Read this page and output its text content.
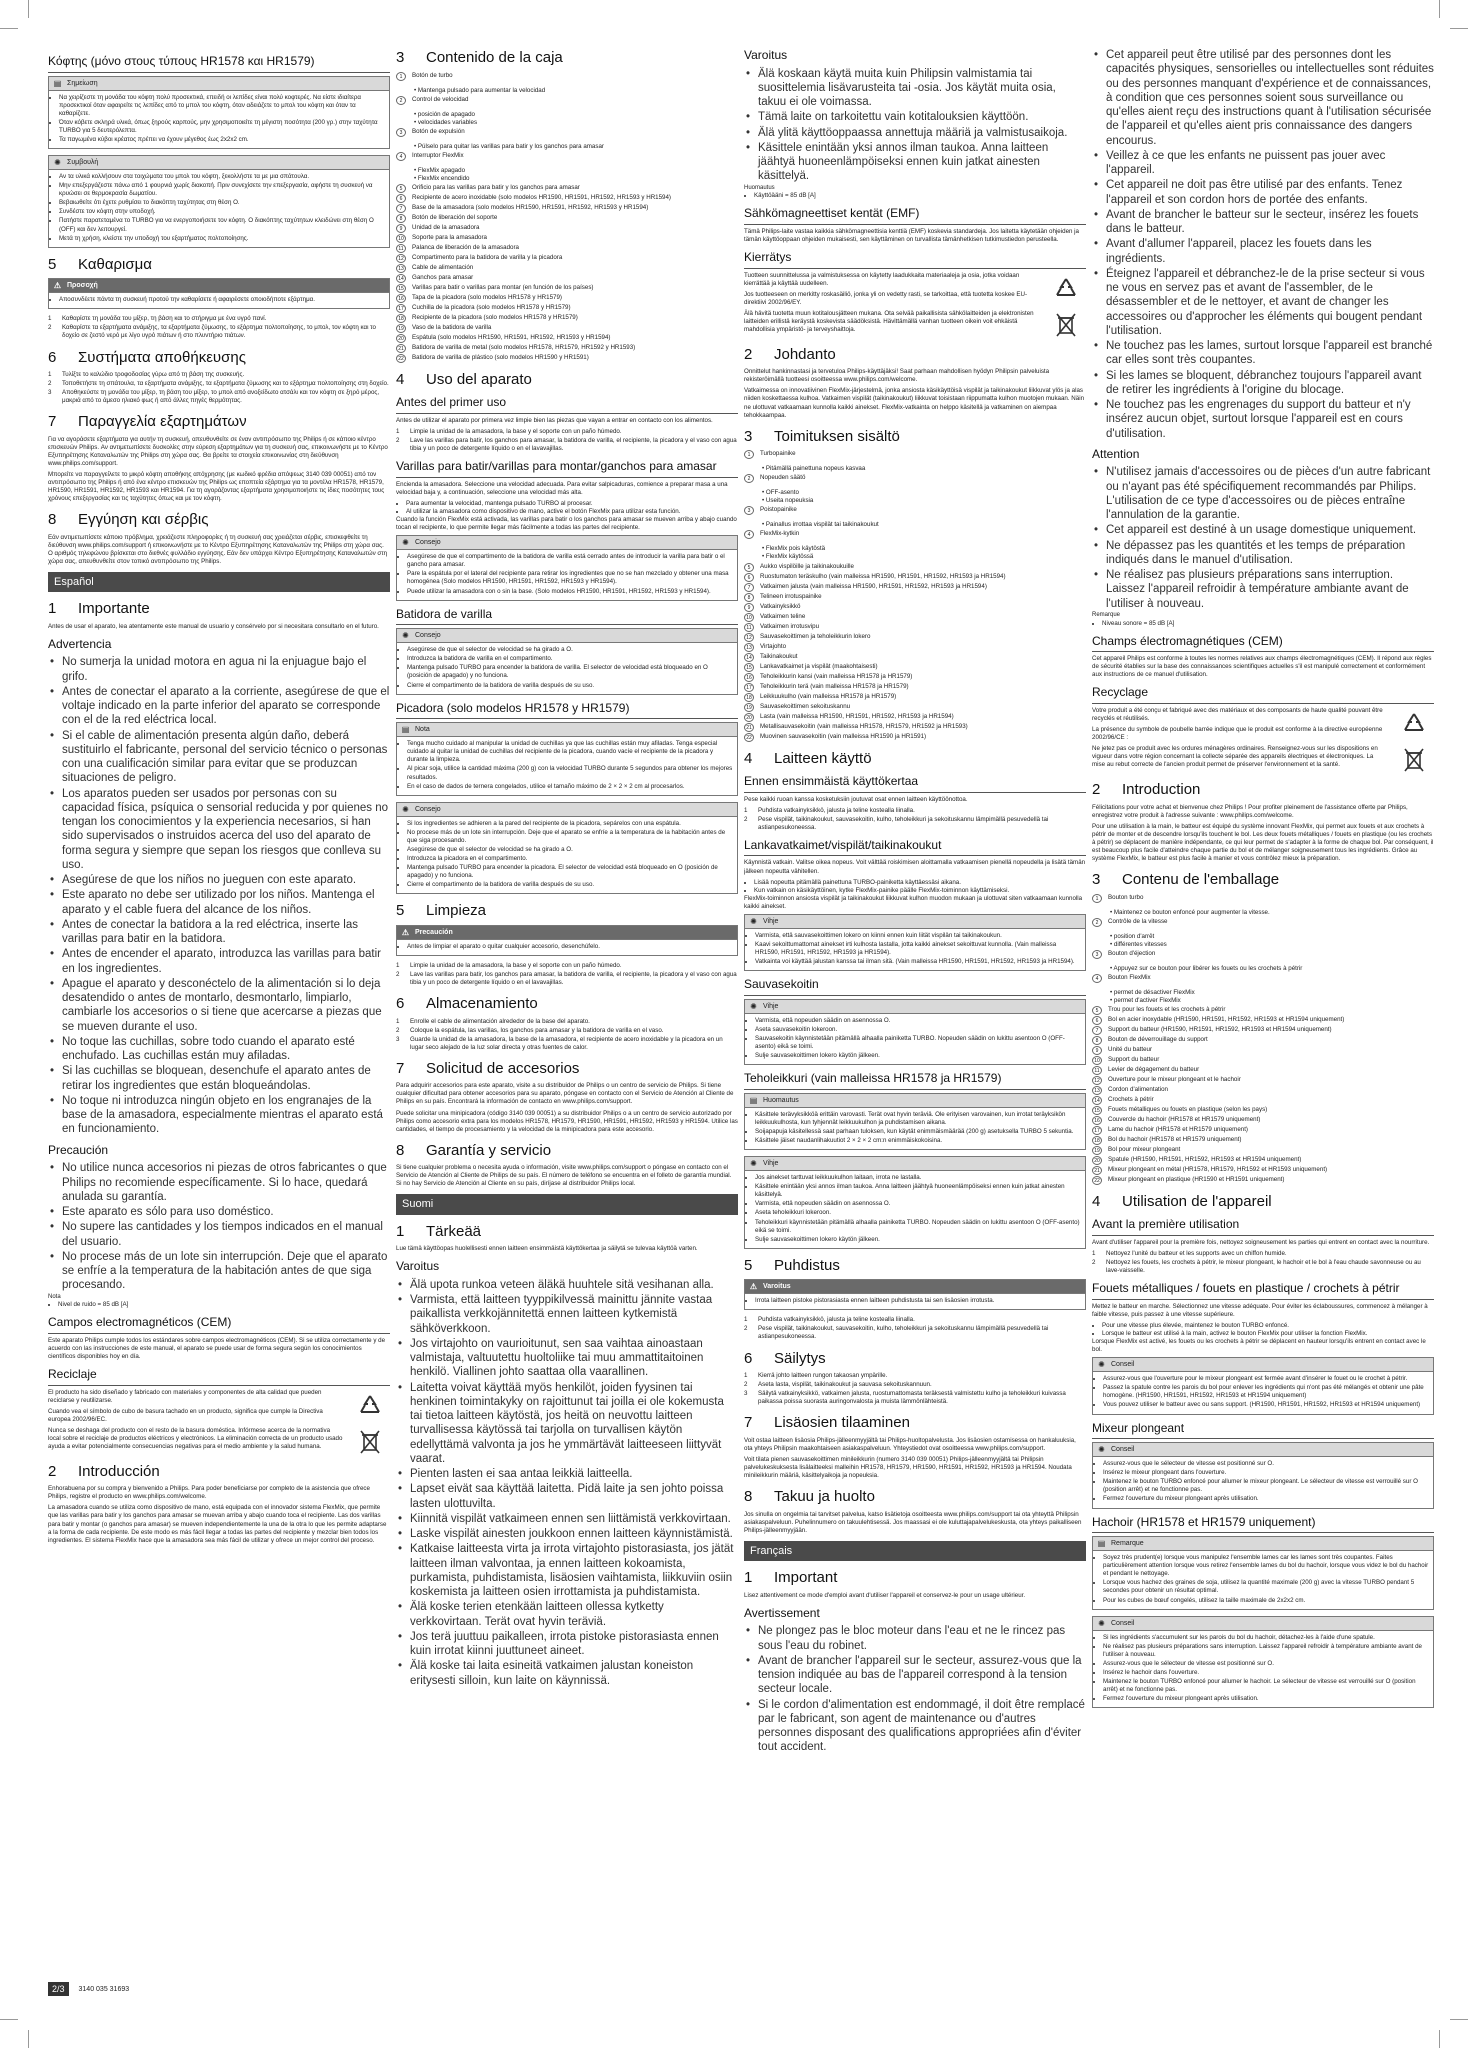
Κόφτης (μόνο στους τύπους HR1578 και HR1579)
▤ Σημείωση
• Να χειρίζεστε τη μονάδα του κόφτη πολύ προσεκτικά, επειδή οι λεπίδες είναι πολύ κοφτερές. Να είστε ιδιαίτερα προσεκτικοί όταν αφαιρείτε τις λεπίδες από το μπολ του κόφτη, όταν αδειάζετε το μπολ του κόφτη και όταν τα καθαρίζετε.
• Όταν κόβετε σκληρά υλικά, όπως ξηρούς καρπούς, μην χρησιμοποιείτε τη μέγιστη ποσότητα (200 γρ.) στην ταχύτητα TURBO για 5 δευτερόλεπτα.
• Τα παγωμένα κύβοι κρέατος πρέπει να έχουν μέγεθος έως 2x2x2 cm.
✺ Συμβουλή
• Αν τα υλικά κολλήσουν στα τοιχώματα του μπολ του κόφτη, ξεκολλήστε τα με μια σπάτουλα.
• Μην επεξεργάζεστε πάνω από 1 φουρνιά χωρίς διακοπή. Πριν συνεχίσετε την επεξεργασία, αφήστε τη συσκευή να κρυώσει σε θερμοκρασία δωματίου.
• Βεβαιωθείτε ότι έχετε ρυθμίσει το διακόπτη ταχύτητας στη θέση O.
• Συνδέστε τον κόφτη στην υποδοχή.
• Πατήστε παρατεταμένα το TURBO για να ενεργοποιήσετε τον κόφτη. Ο διακόπτης ταχύτητων κλειδώνει στη θέση O (OFF) και δεν λειτουργεί.
• Μετά τη χρήση, κλείστε την υποδοχή του εξαρτήματος πολτοποίησης.
5	Καθαρισμα
⚠ Προσοχή
• Αποσυνδέετε πάντα τη συσκευή προτού την καθαρίσετε ή αφαιρέσετε οποιοδήποτε εξάρτημα.
1	Καθαρίστε τη μονάδα του μίξερ, τη βάση και το στήριγμα με ένα υγρό πανί.
2	Καθαρίστε τα εξαρτήματα ανάμιξης, τα εξαρτήματα ζύμωσης, το εξάρτημα πολτοποίησης, το μπολ, τον κόφτη και το δοχείο σε ζεστό νερό με λίγο υγρό πιάτων ή στο πλυντήριο πιάτων.
6	Συστήματα αποθήκευσης
1	Τυλίξτε το καλώδιο τροφοδοσίας γύρω από τη βάση της συσκευής.
2	Τοποθετήστε τη σπάτουλα, τα εξαρτήματα ανάμιξης, τα εξαρτήματα ζύμωσης και το εξάρτημα πολτοποίησης στη δοχείο.
3	Αποθηκεύστε τη μονάδα του μίξερ, τη βάση του μίξερ, το μπολ από ανοξείδωτο ατσάλι και τον κόφτη σε ξηρό μέρος, μακριά από το άμεσο ηλιακό φως ή από άλλες πηγές θερμότητας.
7	Παραγγελία εξαρτημάτων

Για να αγοράσετε εξαρτήματα για αυτήν τη συσκευή, απευθυνθείτε σε έναν αντιπρόσωπο της Philips ή σε κάποιο κέντρο επισκευών Philips. Αν αντιμετωπίσετε δυσκολίες στην εύρεση εξαρτημάτων για τη συσκευή σας, επικοινωνήστε με το Κέντρο Εξυπηρέτησης Καταναλωτών της Philips στη χώρα σας. Θα βρείτε τα στοιχεία επικοινωνίας στη διεύθυνση www.philips.com/support.

Μπορείτε να παραγγείλετε το μικρό κόφτη αποθήκης απόχρησης (με κωδικό φρέδια απόψεως 3140 039 00051) από τον αντιπρόσωπο της Philips ή από ένα κέντρο επισκευών της Philips ως εποπτεία εξάρτημα για τα μοντέλα HR1578, HR1579, HR1590, HR1591, HR1592, HR1593 και HR1594. Για τη αγοράζοντας εξαρτήματα χρησιμοποιήστε τις ίδιες ποσότητες τους χρόνους επεξεργασίας και τις ταχύτητες όπως και με τον κόφτη.

8	Εγγύηση και σέρβις

Εάν αντιμετωπίσετε κάποιο πρόβλημα, χρειάζεστε πληροφορίες ή τη συσκευή σας χρειάζεται σέρβις, επισκεφθείτε τη διεύθυνση www.philips.com/support ή επικοινωνήστε με το Κέντρο Εξυπηρέτησης Καταναλωτών της Philips στη χώρα σας. Ο αριθμός τηλεφώνου βρίσκεται στο διεθνές φυλλάδιο εγγύησης. Εάν δεν υπάρχει Κέντρο Εξυπηρέτησης Καταναλωτών στη χώρα σας, απευθυνθείτε στον τοπικό αντιπρόσωπο της Philips.

Español
1	Importante

Antes de usar el aparato, lea atentamente este manual de usuario y consérvelo por si necesitara consultarlo en el futuro.

Advertencia
• No sumerja la unidad motora en agua ni la enjuague bajo el grifo.
• Antes de conectar el aparato a la corriente, asegúrese de que el voltaje indicado en la parte inferior del aparato se corresponde con el de la red eléctrica local.
• Si el cable de alimentación presenta algún daño, deberá sustituirlo el fabricante, personal del servicio técnico o personas con una cualificación similar para evitar que se produzcan situaciones de peligro.
• Los aparatos pueden ser usados por personas con su capacidad física, psíquica o sensorial reducida y por quienes no tengan los conocimientos y la experiencia necesarios, si han sido supervisados o instruidos acerca del uso del aparato de forma segura y siempre que sepan los riesgos que conlleva su uso.
• Asegúrese de que los niños no jueguen con este aparato.
• Este aparato no debe ser utilizado por los niños. Mantenga el aparato y el cable fuera del alcance de los niños.
• Antes de conectar la batidora a la red eléctrica, inserte las varillas para batir en la batidora.
• Antes de encender el aparato, introduzca las varillas para batir en los ingredientes.
• Apague el aparato y desconéctelo de la alimentación si lo deja desatendido o antes de montarlo, desmontarlo, limpiarlo, cambiarle los accesorios o si tiene que acercarse a piezas que se mueven durante el uso.
• No toque las cuchillas, sobre todo cuando el aparato esté enchufado. Las cuchillas están muy afiladas.
• Si las cuchillas se bloquean, desenchufe el aparato antes de retirar los ingredientes que están bloqueándolas.
• No toque ni introduzca ningún objeto en los engranajes de la base de la amasadora, especialmente mientras el aparato está en funcionamiento.
Precaución
• No utilice nunca accesorios ni piezas de otros fabricantes o que Philips no recomiende específicamente. Si lo hace, quedará anulada su garantía.
• Este aparato es sólo para uso doméstico.
• No supere las cantidades y los tiempos indicados en el manual del usuario.
• No procese más de un lote sin interrupción. Deje que el aparato se enfríe a la temperatura de la habitación antes de que siga procesando.
Nota
• Nivel de ruido = 85 dB [A]
Campos electromagnéticos (CEM)

Este aparato Philips cumple todos los estándares sobre campos electromagnéticos (CEM). Si se utiliza correctamente y de acuerdo con las instrucciones de este manual, el aparato se puede usar de forma segura según los conocimientos científicos disponibles hoy en día.

Reciclaje

El producto ha sido diseñado y fabricado con materiales y componentes de alta calidad que pueden reciclarse y reutilizarse.

Cuando vea el símbolo de cubo de basura tachado en un producto, significa que cumple la Directiva europea 2002/96/EC.

Nunca se deshaga del producto con el resto de la basura doméstica. Infórmese acerca de la normativa local sobre el reciclaje de productos eléctricos y electrónicos. La eliminación correcta de un producto usado ayuda a evitar potencialmente consecuencias negativas para el medio ambiente y la salud humana.

2	Introducción

Enhorabuena por su compra y bienvenido a Philips. Para poder beneficiarse por completo de la asistencia que ofrece Philips, registre el producto en www.philips.com/welcome.

La amasadora cuando se utiliza como dispositivo de mano, está equipada con el innovador sistema FlexMix, que permite que las varillas para batir y los ganchos para amasar se muevan arriba y abajo cuando toca el recipiente. Las dos varillas para batir y montar (o ganchos para amasar) se mueven independientemente la una de la otra lo que les permite adaptarse a la forma de cada recipiente. De este modo es más fácil llegar a todas las partes del recipiente y mezclar bien todos los ingredientes. El sistema FlexMix hace que la amasadora sea más fácil de utilizar y ofrece un mejor control del proceso.

3	Contenido de la caja
1	Botón de turbo
• Mantenga pulsado para aumentar la velocidad
2	Control de velocidad
• posición de apagado
• velocidades variables
3	Botón de expulsión
• Púlselo para quitar las varillas para batir y los ganchos para amasar
4	Interruptor FlexMix
• FlexMix apagado
• FlexMix encendido
5	Orificio para las varillas para batir y los ganchos para amasar
6	Recipiente de acero inoxidable (solo modelos HR1590, HR1591, HR1592, HR1593 y HR1594)
7	Base de la amasadora (solo modelos HR1590, HR1591, HR1592, HR1593 y HR1594)
8	Botón de liberación del soporte
9	Unidad de la amasadora
10	Soporte para la amasadora
11	Palanca de liberación de la amasadora
12	Compartimento para la batidora de varilla y la picadora
13	Cable de alimentación
14	Ganchos para amasar
15	Varillas para batir o varillas para montar (en función de los países)
16	Tapa de la picadora (solo modelos HR1578 y HR1579)
17	Cuchilla de la picadora (solo modelos HR1578 y HR1579)
18	Recipiente de la picadora (solo modelos HR1578 y HR1579)
19	Vaso de la batidora de varilla
20	Espátula (solo modelos HR1590, HR1591, HR1592, HR1593 y HR1594)
21	Batidora de varilla de metal (solo modelos HR1578, HR1579, HR1592 y HR1593)
22	Batidora de varilla de plástico (solo modelos HR1590 y HR1591)
4	Uso del aparato
Antes del primer uso

Antes de utilizar el aparato por primera vez limpie bien las piezas que vayan a entrar en contacto con los alimentos.

1	Limpie la unidad de la amasadora, la base y el soporte con un paño húmedo.
2	Lave las varillas para batir, los ganchos para amasar, la batidora de varilla, el recipiente, la picadora y el vaso con agua tibia y un poco de detergente líquido o en el lavavajillas.
Varillas para batir/varillas para montar/ganchos para amasar

Encienda la amasadora. Seleccione una velocidad adecuada. Para evitar salpicaduras, comience a preparar masa a una velocidad baja y, a continuación, seleccione una velocidad más alta.

• Para aumentar la velocidad, mantenga pulsado TURBO al procesar.
• Al utilizar la amasadora como dispositivo de mano, active el botón FlexMix para utilizar esta función.

Cuando la función FlexMix está activada, las varillas para batir o los ganchos para amasar se mueven arriba y abajo cuando tocan el recipiente, lo que permite llegar más fácilmente a todas las partes del recipiente.

✺ Consejo
• Asegúrese de que el compartimento de la batidora de varilla está cerrado antes de introducir la varilla para batir o el gancho para amasar.
• Pare la espátula por el lateral del recipiente para retirar los ingredientes que no se han mezclado y obtener una masa homogénea (Solo modelos HR1590, HR1591, HR1592, HR1593 y HR1594).
• Puede utilizar la amasadora con o sin la base. (Solo modelos HR1590, HR1591, HR1592, HR1593 y HR1594).
Batidora de varilla
✺ Consejo
• Asegúrese de que el selector de velocidad se ha girado a O.
• Introduzca la batidora de varilla en el compartimento.
• Mantenga pulsado TURBO para encender la batidora de varilla. El selector de velocidad está bloqueado en O (posición de apagado) y no funciona.
• Cierre el compartimento de la batidora de varilla después de su uso.
Picadora (solo modelos HR1578 y HR1579)
▤ Nota
• Tenga mucho cuidado al manipular la unidad de cuchillas ya que las cuchillas están muy afiladas. Tenga especial cuidado al quitar la unidad de cuchillas del recipiente de la picadora, cuando vacíe el recipiente de la picadora y durante la limpieza.
• Al picar soja, utilice la cantidad máxima (200 g) con la velocidad TURBO durante 5 segundos para obtener los mejores resultados.
• En el caso de dados de ternera congelados, utilice el tamaño máximo de 2 × 2 × 2 cm al procesarlos.
✺ Consejo
• Si los ingredientes se adhieren a la pared del recipiente de la picadora, sepárelos con una espátula.
• No procese más de un lote sin interrupción. Deje que el aparato se enfríe a la temperatura de la habitación antes de que siga procesando.
• Asegúrese de que el selector de velocidad se ha girado a O.
• Introduzca la picadora en el compartimento.
• Mantenga pulsado TURBO para encender la picadora. El selector de velocidad está bloqueado en O (posición de apagado) y no funciona.
• Cierre el compartimento de la batidora de varilla después de su uso.
5	Limpieza
⚠ Precaución
• Antes de limpiar el aparato o quitar cualquier accesorio, desenchúfelo.
1	Limpie la unidad de la amasadora, la base y el soporte con un paño húmedo.
2	Lave las varillas para batir, los ganchos para amasar, la batidora de varilla, el recipiente, la picadora y el vaso con agua tibia y un poco de detergente líquido o en el lavavajillas.
6	Almacenamiento
1	Enrolle el cable de alimentación alrededor de la base del aparato.
2	Coloque la espátula, las varillas, los ganchos para amasar y la batidora de varilla en el vaso.
3	Guarde la unidad de la amasadora, la base de la amasadora, el recipiente de acero inoxidable y la picadora en un lugar seco alejado de la luz solar directa y otras fuentes de calor.
7	Solicitud de accesorios

Para adquirir accesorios para este aparato, visite a su distribuidor de Philips o un centro de servicio de Philips. Si tiene cualquier dificultad para obtener accesorios para su aparato, póngase en contacto con el Servicio de Atención al Cliente de Philips en su país. Encontrará la información de contacto en www.philips.com/support.

Puede solicitar una minipicadora (código 3140 039 00051) a su distribuidor Philips o a un centro de servicio autorizado por Philips como accesorio extra para los modelos HR1578, HR1579, HR1590, HR1591, HR1592, HR1593 y HR1594. Utilice las cantidades, el tiempo de procesamiento y la velocidad de la minipicadora para este accesorio.

8	Garantía y servicio

Si tiene cualquier problema o necesita ayuda o información, visite www.philips.com/support o póngase en contacto con el Servicio de Atención al Cliente de Philips de su país. El número de teléfono se encuentra en el folleto de garantía mundial. Si no hay Servicio de Atención al Cliente en su país, diríjase al distribuidor Philips local.

Suomi
1	Tärkeää

Lue tämä käyttöopas huolellisesti ennen laitteen ensimmäistä käyttökertaa ja säilytä se tulevaa käyttöä varten.

Varoitus
• Älä upota runkoa veteen äläkä huuhtele sitä vesihanan alla.
• Varmista, että laitteen tyyppikilvessä mainittu jännite vastaa paikallista verkkojännitettä ennen laitteen kytkemistä sähköverkkoon.
• Jos virtajohto on vaurioitunut, sen saa vaihtaa ainoastaan valmistaja, valtuutettu huoltoliike tai muu ammattitaitoinen henkilö. Viallinen johto saattaa olla vaarallinen.
• Laitetta voivat käyttää myös henkilöt, joiden fyysinen tai henkinen toimintakyky on rajoittunut tai joilla ei ole kokemusta tai tietoa laitteen käytöstä, jos heitä on neuvottu laitteen turvallisessa käytössä tai tarjolla on turvallisen käytön edellyttämä valvonta ja jos he ymmärtävät laitteeseen liittyvät vaarat.
• Pienten lasten ei saa antaa leikkiä laitteella.
• Lapset eivät saa käyttää laitetta. Pidä laite ja sen johto poissa lasten ulottuvilta.
• Kiinnitä vispilät vatkaimeen ennen sen liittämistä verkkovirtaan.
• Laske vispilät ainesten joukkoon ennen laitteen käynnistämistä.
• Katkaise laitteesta virta ja irrota virtajohto pistorasiasta, jos jätät laitteen ilman valvontaa, ja ennen laitteen kokoamista, purkamista, puhdistamista, lisäosien vaihtamista, liikkuviin osiin koskemista ja laitteen osien irrottamista ja puhdistamista.
• Älä koske terien etenkään laitteen ollessa kytketty verkkovirtaan. Terät ovat hyvin teräviä.
• Jos terä juuttuu paikalleen, irrota pistoke pistorasiasta ennen kuin irrotat kiinni juuttuneet aineet.
• Älä koske tai laita esineitä vatkaimen jalustan koneiston eritysesti silloin, kun laite on käynnissä.
Varoitus
• Älä koskaan käytä muita kuin Philipsin valmistamia tai suosittelemia lisävarusteita tai -osia. Jos käytät muita osia, takuu ei ole voimassa.
• Tämä laite on tarkoitettu vain kotitalouksien käyttöön.
• Älä ylitä käyttöoppaassa annettuja määriä ja valmistusaikoja.
• Käsittele enintään yksi annos ilman taukoa. Anna laitteen jäähtyä huoneenlämpöiseksi ennen kuin jatkat ainesten käsittelyä.
Huomautus
• Käyttöääni = 85 dB [A]
Sähkömagneettiset kentät (EMF)

Tämä Philips-laite vastaa kaikkia sähkömagneettisia kenttiä (EMF) koskevia standardeja. Jos laitetta käytetään ohjeiden ja tämän käyttöoppaan ohjeiden mukaisesti, sen käyttäminen on turvallista tämänhetkisen tutkimustiedon perusteella.

Kierrätys

Tuotteen suunnittelussa ja valmistuksessa on käytetty laadukkaita materiaaleja ja osia, jotka voidaan kierrättää ja käyttää uudelleen.

Jos tuotteeseen on merkitty roskasäiliö, jonka yli on vedetty rasti, se tarkoittaa, että tuotetta koskee EU-direktiivi 2002/96/EY.

Älä hävitä tuotetta muun kotitalousjätteen mukana. Ota selvää paikallisista sähkölaitteiden ja elektronisten laitteiden erillistä keräystä koskevista säädöksistä. Hävittämällä vanhan tuotteen oikein voit ehkäistä mahdollisia ympäristö- ja terveyshaittoja.

2	Johdanto

Onnittelut hankinnastasi ja tervetuloa Philips-käyttäjäksi! Saat parhaan mahdollisen hyödyn Philipsin palveluista rekisteröimällä tuotteesi osoitteessa www.philips.com/welcome.

Vatkaimessa on innovatiivinen FlexMix-järjestelmä, jonka ansiosta käsikäyttöisä vispilät ja taikinakoukut liikkuvat ylös ja alas niiden koskettaessa kulhoa. Vatkaimen vispilät (taikinakoukut) liikkuvat toisistaan riippumatta kulhon muotojen mukaan. Näin ne ulottuvat vatkaamaan kunnolla kaikki ainekset. FlexMix-vatkainta on helppo käsitellä ja vatkaminen on aiempaa tehokkaampaa.

3	Toimituksen sisältö
1	Turbopainike
• Pitämällä painettuna nopeus kasvaa
2	Nopeuden säätö
• OFF-asento
• Useita nopeuksia
3	Poistopainike
• Painallus irrottaa vispilät tai taikinakoukut
4	FlexMix-kytkin
• FlexMix pois käytöstä
• FlexMix käytössä
5	Aukko vispilöille ja taikinakoukuille
6	Ruostumaton teräskulho (vain malleissa HR1590, HR1591, HR1592, HR1593 ja HR1594)
7	Vatkaimen jalusta (vain malleissa HR1590, HR1591, HR1592, HR1593 ja HR1594)
8	Telineen irrotuspainike
9	Vatkainyksikkö
10	Vatkaimen teline
11	Vatkaimen irrotusvipu
12	Sauvasekoittimen ja teholeikkurin lokero
13	Virtajohto
14	Taikinakoukut
15	Lankavatkaimet ja vispilät (maakohtaisesti)
16	Teholeikkurin kansi (vain malleissa HR1578 ja HR1579)
17	Teholeikkurin terä (vain malleissa HR1578 ja HR1579)
18	Leikkuukulho (vain malleissa HR1578 ja HR1579)
19	Sauvasekoittimen sekoituskannu
20	Lasta (vain malleissa HR1590, HR1591, HR1592, HR1593 ja HR1594)
21	Metallisauvasekoitin (vain malleissa HR1578, HR1579, HR1592 ja HR1593)
22	Muovinen sauvasekoitin (vain malleissa HR1590 ja HR1591)
4	Laitteen käyttö
Ennen ensimmäistä käyttökertaa

Pese kaikki ruoan kanssa kosketuksiin joutuvat osat ennen laitteen käyttöönottoa.

1	Puhdista vatkainyksikkö, jalusta ja teline kostealla liinalla.
2	Pese vispilät, taikinakoukut, sauvasekoitin, kulho, teholeikkuri ja sekoituskannu lämpimällä pesuvedellä tai astianpesukoneessa.
Lankavatkaimet/vispilät/taikinakoukut

Käynnistä vatkain. Valitse oikea nopeus. Voit välttää roiskimisen aloittamalla vatkaamisen pienellä nopeudella ja lisätä tämän jälkeen nopeutta vähitellen.

• Lisää nopeutta pitämällä painettuna TURBO-painiketta käyttäessäsi aikana.
• Kun vatkain on käsikäyttöinen, kytke FlexMix-painike päälle FlexMix-toiminnon käyttämiseksi.

FlexMix-toiminnon ansiosta vispilät ja taikinakoukut liikkuvat kulhon muodon mukaan ja ulottuvat siten vatkaamaan kunnolla kaikki ainekset.

✺ Vihje
• Varmista, että sauvasekoittimen lokero on kiinni ennen kuin liität vispilän tai taikinakoukun.
• Kaavi sekoittumattomat ainekset irti kulhosta lastalla, jotta kaikki ainekset sekoittuvat kunnolla. (Vain malleissa HR1590, HR1591, HR1592, HR1593 ja HR1594).
• Vatkainta voi käyttää jalustan kanssa tai ilman sitä. (Vain malleissa HR1590, HR1591, HR1592, HR1593 ja HR1594).
Sauvasekoitin
✺ Vihje
• Varmista, että nopeuden säädin on asennossa O.
• Aseta sauvasekoitin lokeroon.
• Sauvasekoitin käynnistetään pitämällä alhaalla painiketta TURBO. Nopeuden säädin on lukittu asentoon O (OFF-asento) eikä se toimi.
• Sulje sauvasekoittimen lokero käytön jälkeen.
Teholeikkuri (vain malleissa HR1578 ja HR1579)
▤ Huomautus
• Käsittele terävyksikköä erittäin varovasti. Terät ovat hyvin teräviä. Ole erityisen varovainen, kun irrotat teräyksikön leikkuukulhosta, kun tyhjennät leikkuukulhon ja puhdistamisen aikana.
• Soijapapuja käsitellessä saat parhaan tuloksen, kun käytät enimmäismäärää (200 g) asetuksella TURBO 5 sekuntia.
• Käsittele jäiset naudanlihakuutiot 2 × 2 × 2 cm:n enimmäiskokoisina.
✺ Vihje
• Jos ainekset tarttuvat leikkuukulhon laitaan, irrota ne lastalla.
• Käsittele enintään yksi annos ilman taukoa. Anna laitteen jäähtyä huoneenlämpöiseksi ennen kuin jatkat ainesten käsittelyä.
• Varmista, että nopeuden säädin on asennossa O.
• Aseta teholeikkuri lokeroon.
• Teholeikkuri käynnistetään pitämällä alhaalla painiketta TURBO. Nopeuden säädin on lukittu asentoon O (OFF-asento) eikä se toimi.
• Sulje sauvasekoittimen lokero käytön jälkeen.
5	Puhdistus
⚠ Varoitus
• Irrota laitteen pistoke pistorasiasta ennen laitteen puhdistusta tai sen lisäosien irrotusta.
1	Puhdista vatkainyksikkö, jalusta ja teline kostealla liinalla.
2	Pese vispilät, taikinakoukut, sauvasekoitin, kulho, teholeikkuri ja sekoituskannu lämpimällä pesuvedellä tai astianpesukoneessa.
6	Säilytys
1	Kierrä johto laitteen rungon takaosan ympärille.
2	Aseta lasta, vispilät, taikinakoukut ja sauvasa sekoituskannuun.
3	Säilytä vatkainyksikkö, vatkaimen jalusta, ruostumattomasta teräksestä valmistettu kulho ja teholeikkuri kuivassa paikassa poissa suorasta auringonvalosta ja muista lämmönlähteistä.
7	Lisäosien tilaaminen

Voit ostaa laitteen lisäosia Philips-jälleenmyyjältä tai Philips-huoltopalvelusta. Jos lisäosien ostamisessa on hankaluuksia, ota yhteys Philipsin maakohtaiseen asiakaspalveluun. Yhteystiedot ovat osoitteessa www.philips.com/support.

Voit tilata pienen sauvasekoittimen minileikkurin (numero 3140 039 00051) Philips-jälleenmyyjältä tai Philipsin palvelukeskuksesta lisälaitteeksi malleihin HR1578, HR1579, HR1590, HR1591, HR1592, HR1593 ja HR1594. Noudata minileikkurin määriä, käsittelyaikoja ja nopeuksia.

8	Takuu ja huolto

Jos sinulla on ongelmia tai tarvitset palvelua, katso lisätietoja osoitteesta www.philips.com/support tai ota yhteyttä Philipsin asiakaspalveluun. Puhelinnumero on takuulehtisessä. Jos maassasi ei ole kuluttajapalvelukeskusta, ota yhteys paikalliseen Philips-jälleenmyyjään.

Français
1	Important

Lisez attentivement ce mode d'emploi avant d'utiliser l'appareil et conservez-le pour un usage ultérieur.

Avertissement
• Ne plongez pas le bloc moteur dans l'eau et ne le rincez pas sous l'eau du robinet.
• Avant de brancher l'appareil sur le secteur, assurez-vous que la tension indiquée au bas de l'appareil correspond à la tension secteur locale.
• Si le cordon d'alimentation est endommagé, il doit être remplacé par le fabricant, son agent de maintenance ou d'autres personnes disposant des qualifications appropriées afin d'éviter tout accident.
• Cet appareil peut être utilisé par des personnes dont les capacités physiques, sensorielles ou intellectuelles sont réduites ou des personnes manquant d'expérience et de connaissances, à condition que ces personnes soient sous surveillance ou qu'elles aient reçu des instructions quant à l'utilisation sécurisée de l'appareil et qu'elles aient pris connaissance des dangers encourus.
• Veillez à ce que les enfants ne puissent pas jouer avec l'appareil.
• Cet appareil ne doit pas être utilisé par des enfants. Tenez l'appareil et son cordon hors de portée des enfants.
• Avant de brancher le batteur sur le secteur, insérez les fouets dans le batteur.
• Avant d'allumer l'appareil, placez les fouets dans les ingrédients.
• Éteignez l'appareil et débranchez-le de la prise secteur si vous ne vous en servez pas et avant de l'assembler, de le désassembler et de le nettoyer, et avant de changer les accessoires ou d'approcher les éléments qui bougent pendant l'utilisation.
• Ne touchez pas les lames, surtout lorsque l'appareil est branché car elles sont très coupantes.
• Si les lames se bloquent, débranchez toujours l'appareil avant de retirer les ingrédients à l'origine du blocage.
• Ne touchez pas les engrenages du support du batteur et n'y insérez aucun objet, surtout lorsque l'appareil est en cours d'utilisation.
Attention
• N'utilisez jamais d'accessoires ou de pièces d'un autre fabricant ou n'ayant pas été spécifiquement recommandés par Philips. L'utilisation de ce type d'accessoires ou de pièces entraîne l'annulation de la garantie.
• Cet appareil est destiné à un usage domestique uniquement.
• Ne dépassez pas les quantités et les temps de préparation indiqués dans le manuel d'utilisation.
• Ne réalisez pas plusieurs préparations sans interruption. Laissez l'appareil refroidir à température ambiante avant de l'utiliser à nouveau.
Remarque
• Niveau sonore = 85 dB [A]
Champs électromagnétiques (CEM)

Cet appareil Philips est conforme à toutes les normes relatives aux champs électromagnétiques (CEM). Il répond aux règles de sécurité établies sur la base des connaissances scientifiques actuelles s'il est manipulé correctement et conformément aux instructions de ce manuel d'utilisation.

Recyclage

Votre produit a été conçu et fabriqué avec des matériaux et des composants de haute qualité pouvant être recyclés et réutilisés.

La présence du symbole de poubelle barrée indique que le produit est conforme à la directive européenne 2002/96/CE :

Ne jetez pas ce produit avec les ordures ménagères ordinaires. Renseignez-vous sur les dispositions en vigueur dans votre région concernant la collecte séparée des appareils électriques et électroniques. La mise au rebut correcte de l'ancien produit permet de préserver l'environnement et la santé.

2	Introduction

Félicitations pour votre achat et bienvenue chez Philips ! Pour profiter pleinement de l'assistance offerte par Philips, enregistrez votre produit à l'adresse suivante : www.philips.com/welcome.

Pour une utilisation à la main, le batteur est équipé du système innovant FlexMix, qui permet aux fouets et aux crochets à pétrir de monter et de descendre lorsqu'ils touchent le bol. Les deux fouets métalliques / fouets en plastique (ou les crochets à pétrir) se déplacent de manière indépendante, ce qui leur permet de s'adapter à la forme de chaque bol. Par conséquent, il est beaucoup plus facile d'atteindre chaque partie du bol et de mélanger soigneusement tous les ingrédients. Grâce au système FlexMix, le batteur est plus facile à manier et vous contrôlez mieux la préparation.

3	Contenu de l'emballage
1	Bouton turbo
• Maintenez ce bouton enfoncé pour augmenter la vitesse.
2	Contrôle de la vitesse
• position d'arrêt
• différentes vitesses
3	Bouton d'éjection
• Appuyez sur ce bouton pour libérer les fouets ou les crochets à pétrir
4	Bouton FlexMix
• permet de désactiver FlexMix
• permet d'activer FlexMix
5	Trou pour les fouets et les crochets à pétrir
6	Bol en acier inoxydable (HR1590, HR1591, HR1592, HR1593 et HR1594 uniquement)
7	Support du batteur (HR1590, HR1591, HR1592, HR1593 et HR1594 uniquement)
8	Bouton de déverrouillage du support
9	Unité du batteur
10	Support du batteur
11	Levier de dégagement du batteur
12	Ouverture pour le mixeur plongeant et le hachoir
13	Cordon d'alimentation
14	Crochets à pétrir
15	Fouets métalliques ou fouets en plastique (selon les pays)
16	Couvercle du hachoir (HR1578 et HR1579 uniquement)
17	Lame du hachoir (HR1578 et HR1579 uniquement)
18	Bol du hachoir (HR1578 et HR1579 uniquement)
19	Bol pour mixeur plongeant
20	Spatule (HR1590, HR1591, HR1592, HR1593 et HR1594 uniquement)
21	Mixeur plongeant en métal (HR1578, HR1579, HR1592 et HR1593 uniquement)
22	Mixeur plongeant en plastique (HR1590 et HR1591 uniquement)
4	Utilisation de l'appareil
Avant la première utilisation

Avant d'utiliser l'appareil pour la première fois, nettoyez soigneusement les parties qui entrent en contact avec la nourriture.

1	Nettoyez l'unité du batteur et les supports avec un chiffon humide.
2	Nettoyez les fouets, les crochets à pétrir, le mixeur plongeant, le hachoir et le bol à l'eau chaude savonneuse ou au lave-vaisselle.
Fouets métalliques / fouets en plastique / crochets à pétrir

Mettez le batteur en marche. Sélectionnez une vitesse adéquate. Pour éviter les éclaboussures, commencez à mélanger à faible vitesse, puis passez à une vitesse supérieure.

• Pour une vitesse plus élevée, maintenez le bouton TURBO enfoncé.
• Lorsque le batteur est utilisé à la main, activez le bouton FlexMix pour utiliser la fonction FlexMix.

Lorsque FlexMix est activé, les fouets ou les crochets à pétrir se déplacent en hauteur lorsqu'ils entrent en contact avec le bol.

✺ Conseil
• Assurez-vous que l'ouverture pour le mixeur plongeant est fermée avant d'insérer le fouet ou le crochet à pétrir.
• Passez la spatule contre les parois du bol pour enlever les ingrédients qui n'ont pas été mélangés et obtenir une pâte homogène. (HR1590, HR1591, HR1592, HR1593 et HR1594 uniquement)
• Vous pouvez utiliser le batteur avec ou sans support. (HR1590, HR1591, HR1592, HR1593 et HR1594 uniquement)
Mixeur plongeant
✺ Conseil
• Assurez-vous que le sélecteur de vitesse est positionné sur O.
• Insérez le mixeur plongeant dans l'ouverture.
• Maintenez le bouton TURBO enfoncé pour allumer le mixeur plongeant. Le sélecteur de vitesse est verrouillé sur O (position arrêt) et ne fonctionne pas.
• Fermez l'ouverture du mixeur plongeant après utilisation.
Hachoir (HR1578 et HR1579 uniquement)
▤ Remarque
• Soyez très prudent(e) lorsque vous manipulez l'ensemble lames car les lames sont très coupantes. Faites particulièrement attention lorsque vous retirez l'ensemble lames du bol du hachoir, lorsque vous videz le bol du hachoir et pendant le nettoyage.
• Lorsque vous hachez des graines de soja, utilisez la quantité maximale (200 g) avec la vitesse TURBO pendant 5 secondes pour obtenir un résultat optimal.
• Pour les cubes de bœuf congelés, utilisez la taille maximale de 2x2x2 cm.
✺ Conseil
• Si les ingrédients s'accumulent sur les parois du bol du hachoir, détachez-les à l'aide d'une spatule.
• Ne réalisez pas plusieurs préparations sans interruption. Laissez l'appareil refroidir à température ambiante avant de l'utiliser à nouveau.
• Assurez-vous que le sélecteur de vitesse est positionné sur O.
• Insérez le hachoir dans l'ouverture.
• Maintenez le bouton TURBO enfoncé pour allumer le hachoir. Le sélecteur de vitesse est verrouillé sur O (position arrêt) et ne fonctionne pas.
• Fermez l'ouverture du mixeur plongeant après utilisation.
2/3	3140 035 31693
